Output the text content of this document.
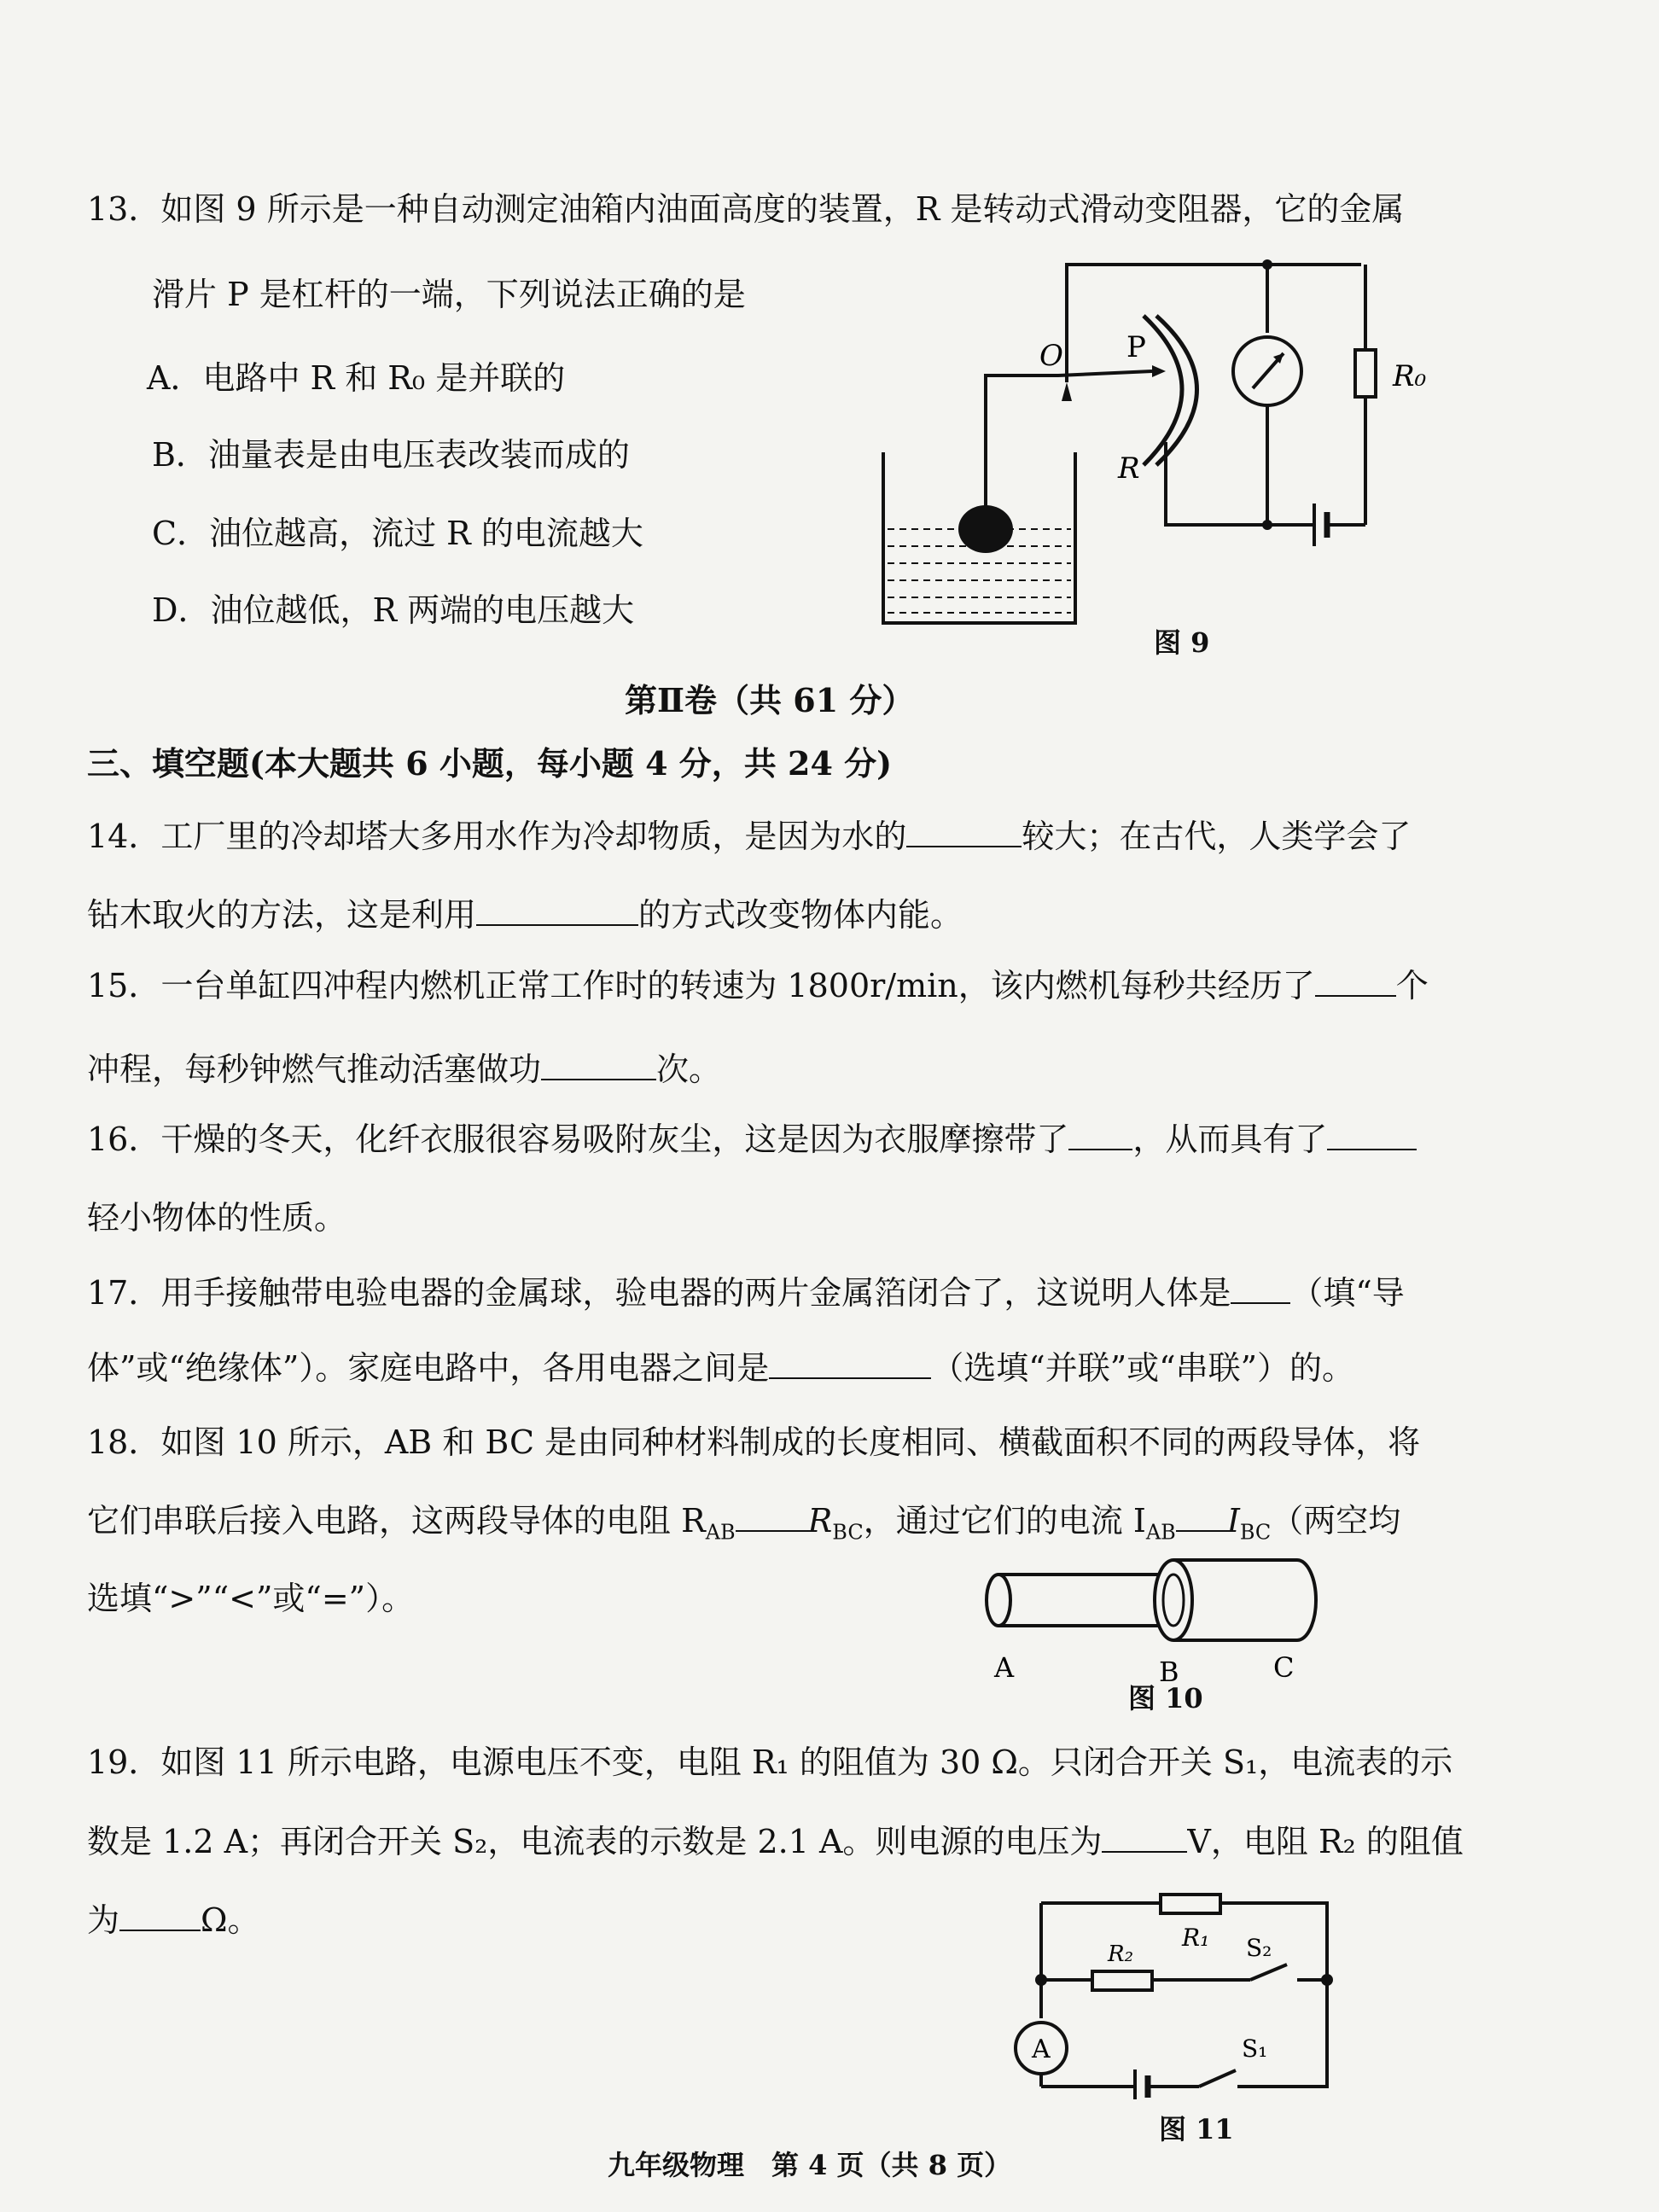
13．如图 9 所示是一种自动测定油箱内油面高度的装置，R 是转动式滑动变阻器，它的金属
滑片 P 是杠杆的一端，下列说法正确的是
A．电路中 R 和 R₀ 是并联的
B．油量表是由电压表改装而成的
C．油位越高，流过 R 的电流越大
D．油位越低，R 两端的电压越大
O P
R
R₀
图 9
第Ⅱ卷（共 61 分）
三、填空题(本大题共 6 小题，每小题 4 分，共 24 分)
14．工厂里的冷却塔大多用水作为冷却物质，是因为水的	较大；在古代，人类学会了
钻木取火的方法，这是利用	的方式改变物体内能。
15．一台单缸四冲程内燃机正常工作时的转速为 1800r/min，该内燃机每秒共经历了	个
冲程，每秒钟燃气推动活塞做功	次。
16．干燥的冬天，化纤衣服很容易吸附灰尘，这是因为衣服摩擦带了 ，从而具有了
轻小物体的性质。
17．用手接触带电验电器的金属球，验电器的两片金属箔闭合了，这说明人体是 （填“导
体”或“绝缘体”）。家庭电路中，各用电器之间是	（选填“并联”或“串联”）的。
18．如图 10 所示，AB 和 BC 是由同种材料制成的长度相同、横截面积不同的两段导体，将
它们串联后接入电路，这两段导体的电阻 $R_{AB}$ $R_{BC}$，通过它们的电流 $I_{AB}$ $I_{BC}$（两空均
选填“>”“<”或“=”）。
A	B	C
图 10
19．如图 11 所示电路，电源电压不变，电阻 R₁ 的阻值为 30 Ω。只闭合开关 S₁，电流表的示
数是 1.2 A；再闭合开关 S₂，电流表的示数是 2.1 A。则电源的电压为	V，电阻 R₂ 的阻值
为	Ω。	R₁
R₂	S₂
A	S₁
图 11
九年级物理　第 4 页（共 8 页）
